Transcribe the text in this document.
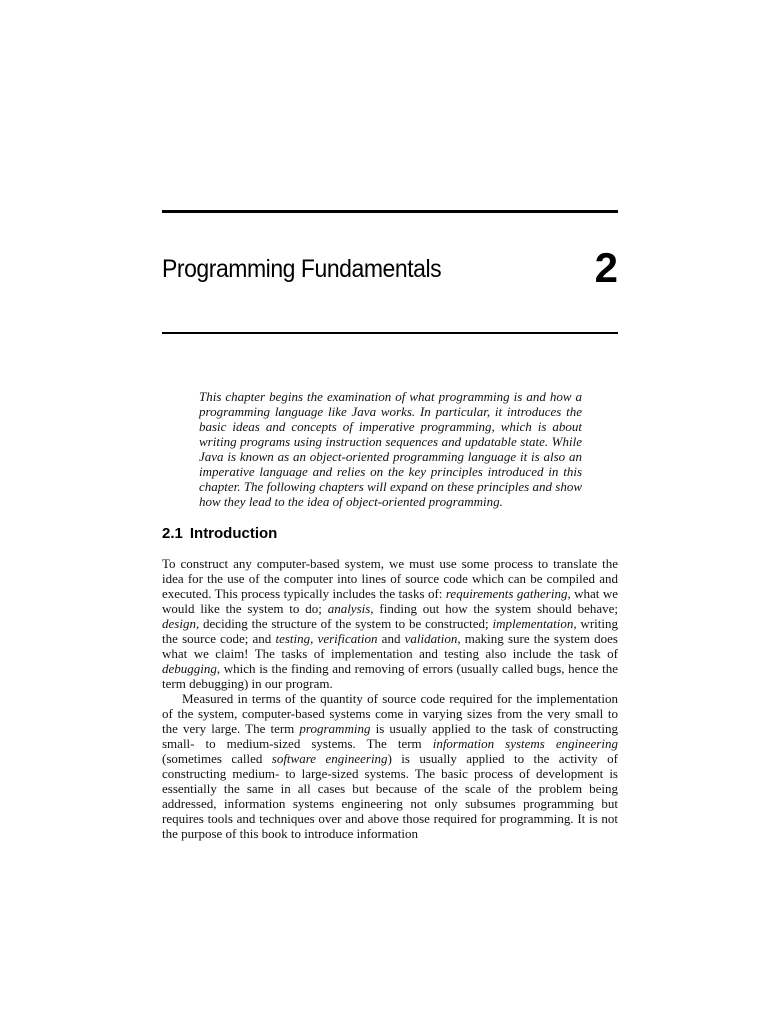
Programming Fundamentals	2

This chapter begins the examination of what programming is and how a programming language like Java works. In particular, it introduces the basic ideas and concepts of imperative programming, which is about writing programs using instruction sequences and updatable state. While Java is known as an object-oriented programming language it is also an imperative language and relies on the key principles introduced in this chapter. The following chapters will expand on these principles and show how they lead to the idea of object-oriented programming.

2.1 Introduction

To construct any computer-based system, we must use some process to translate the idea for the use of the computer into lines of source code which can be compiled and executed. This process typically includes the tasks of: requirements gathering, what we would like the system to do; analysis, finding out how the system should behave; design, deciding the structure of the system to be constructed; implementation, writing the source code; and testing, verification and validation, making sure the system does what we claim! The tasks of implementation and testing also include the task of debugging, which is the finding and removing of errors (usually called bugs, hence the term debugging) in our program.

Measured in terms of the quantity of source code required for the implementation of the system, computer-based systems come in varying sizes from the very small to the very large. The term programming is usually applied to the task of constructing small- to medium-sized systems. The term information systems engineering (sometimes called software engineering) is usually applied to the activity of constructing medium- to large-sized systems. The basic process of development is essentially the same in all cases but because of the scale of the problem being addressed, information systems engineering not only subsumes programming but requires tools and techniques over and above those required for programming. It is not the purpose of this book to introduce information
